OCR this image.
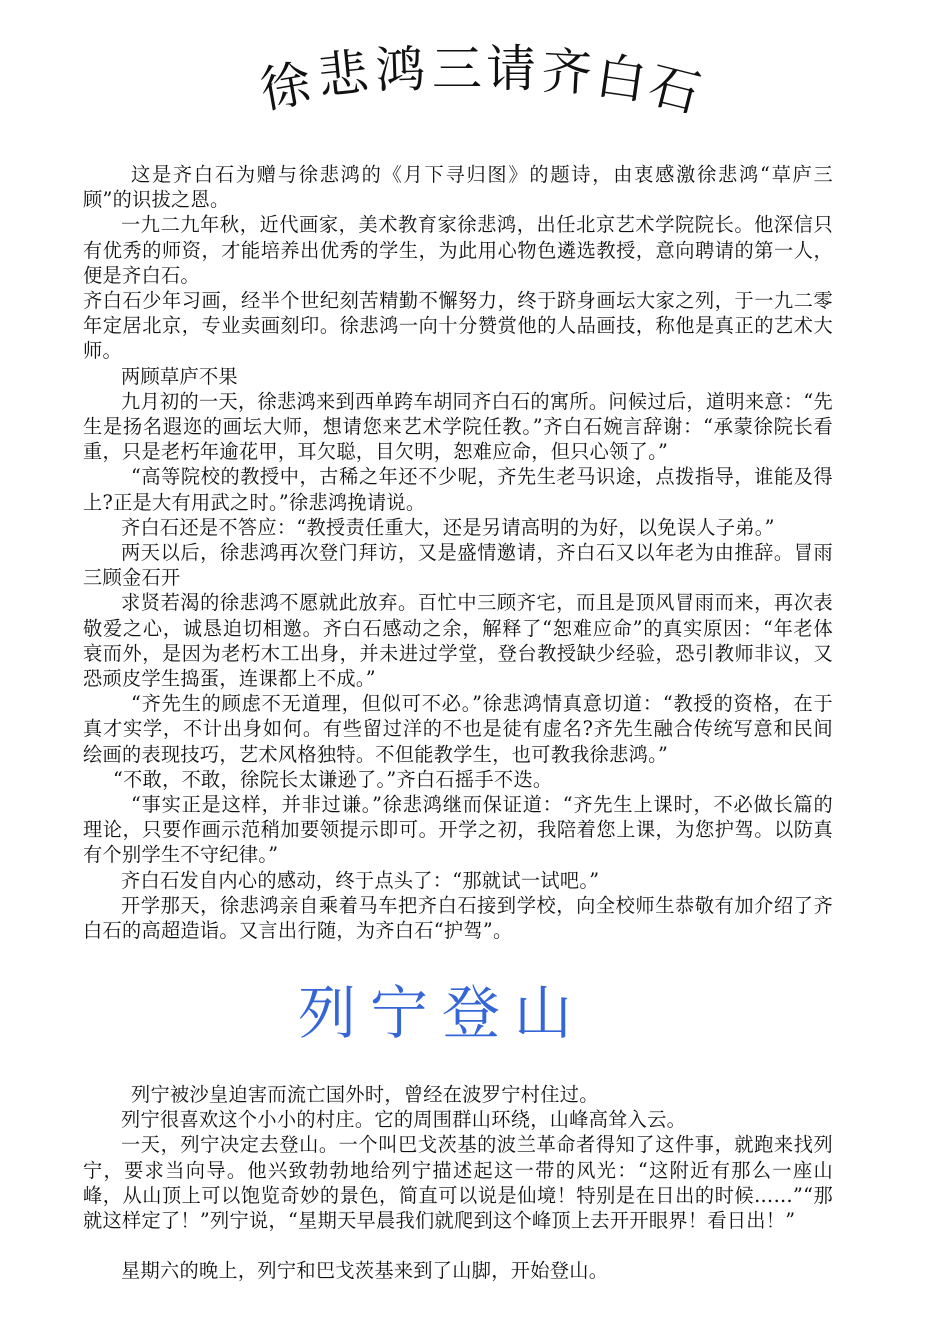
徐 悲 鸿 三 请 齐
白
石

这是齐白石为赠与徐悲鸿的《月下寻归图》的题诗，由衷感激徐悲鸿“草庐三顾”的识拔之恩。

一九二九年秋，近代画家，美术教育家徐悲鸿，出任北京艺术学院院长。他深信只有优秀的师资，才能培养出优秀的学生，为此用心物色遴选教授，意向聘请的第一人，便是齐白石。

齐白石少年习画，经半个世纪刻苦精勤不懈努力，终于跻身画坛大家之列，于一九二零年定居北京，专业卖画刻印。徐悲鸿一向十分赞赏他的人品画技，称他是真正的艺术大师。

两顾草庐不果

九月初的一天，徐悲鸿来到西单跨车胡同齐白石的寓所。问候过后，道明来意：“先生是扬名遐迩的画坛大师，想请您来艺术学院任教。”齐白石婉言辞谢：“承蒙徐院长看重，只是老朽年逾花甲，耳欠聪，目欠明，恕难应命，但只心领了。”

“高等院校的教授中，古稀之年还不少呢，齐先生老马识途，点拨指导，谁能及得上?正是大有用武之时。”徐悲鸿挽请说。

齐白石还是不答应：“教授责任重大，还是另请高明的为好，以免误人子弟。”

两天以后，徐悲鸿再次登门拜访，又是盛情邀请，齐白石又以年老为由推辞。冒雨三顾金石开

求贤若渴的徐悲鸿不愿就此放弃。百忙中三顾齐宅，而且是顶风冒雨而来，再次表敬爱之心，诚恳迫切相邀。齐白石感动之余，解释了“恕难应命”的真实原因：“年老体衰而外，是因为老朽木工出身，并未进过学堂，登台教授缺少经验，恐引教师非议，又恐顽皮学生捣蛋，连课都上不成。”

“齐先生的顾虑不无道理，但似可不必。”徐悲鸿情真意切道：“教授的资格，在于真才实学，不计出身如何。有些留过洋的不也是徒有虚名?齐先生融合传统写意和民间绘画的表现技巧，艺术风格独特。不但能教学生，也可教我徐悲鸿。”

“不敢，不敢，徐院长太谦逊了。”齐白石摇手不迭。

“事实正是这样，并非过谦。”徐悲鸿继而保证道：“齐先生上课时，不必做长篇的理论，只要作画示范稍加要领提示即可。开学之初，我陪着您上课，为您护驾。以防真有个别学生不守纪律。”

齐白石发自内心的感动，终于点头了：“那就试一试吧。”

开学那天，徐悲鸿亲自乘着马车把齐白石接到学校，向全校师生恭敬有加介绍了齐白石的高超造诣。又言出行随，为齐白石“护驾”。

列宁登山

列宁被沙皇迫害而流亡国外时，曾经在波罗宁村住过。

列宁很喜欢这个小小的村庄。它的周围群山环绕，山峰高耸入云。

一天，列宁决定去登山。一个叫巴戈茨基的波兰革命者得知了这件事，就跑来找列宁，要求当向导。他兴致勃勃地给列宁描述起这一带的风光：“这附近有那么一座山峰，从山顶上可以饱览奇妙的景色，简直可以说是仙境！特别是在日出的时候……”“那就这样定了！”列宁说，“星期天早晨我们就爬到这个峰顶上去开开眼界！看日出！”

星期六的晚上，列宁和巴戈茨基来到了山脚，开始登山。
